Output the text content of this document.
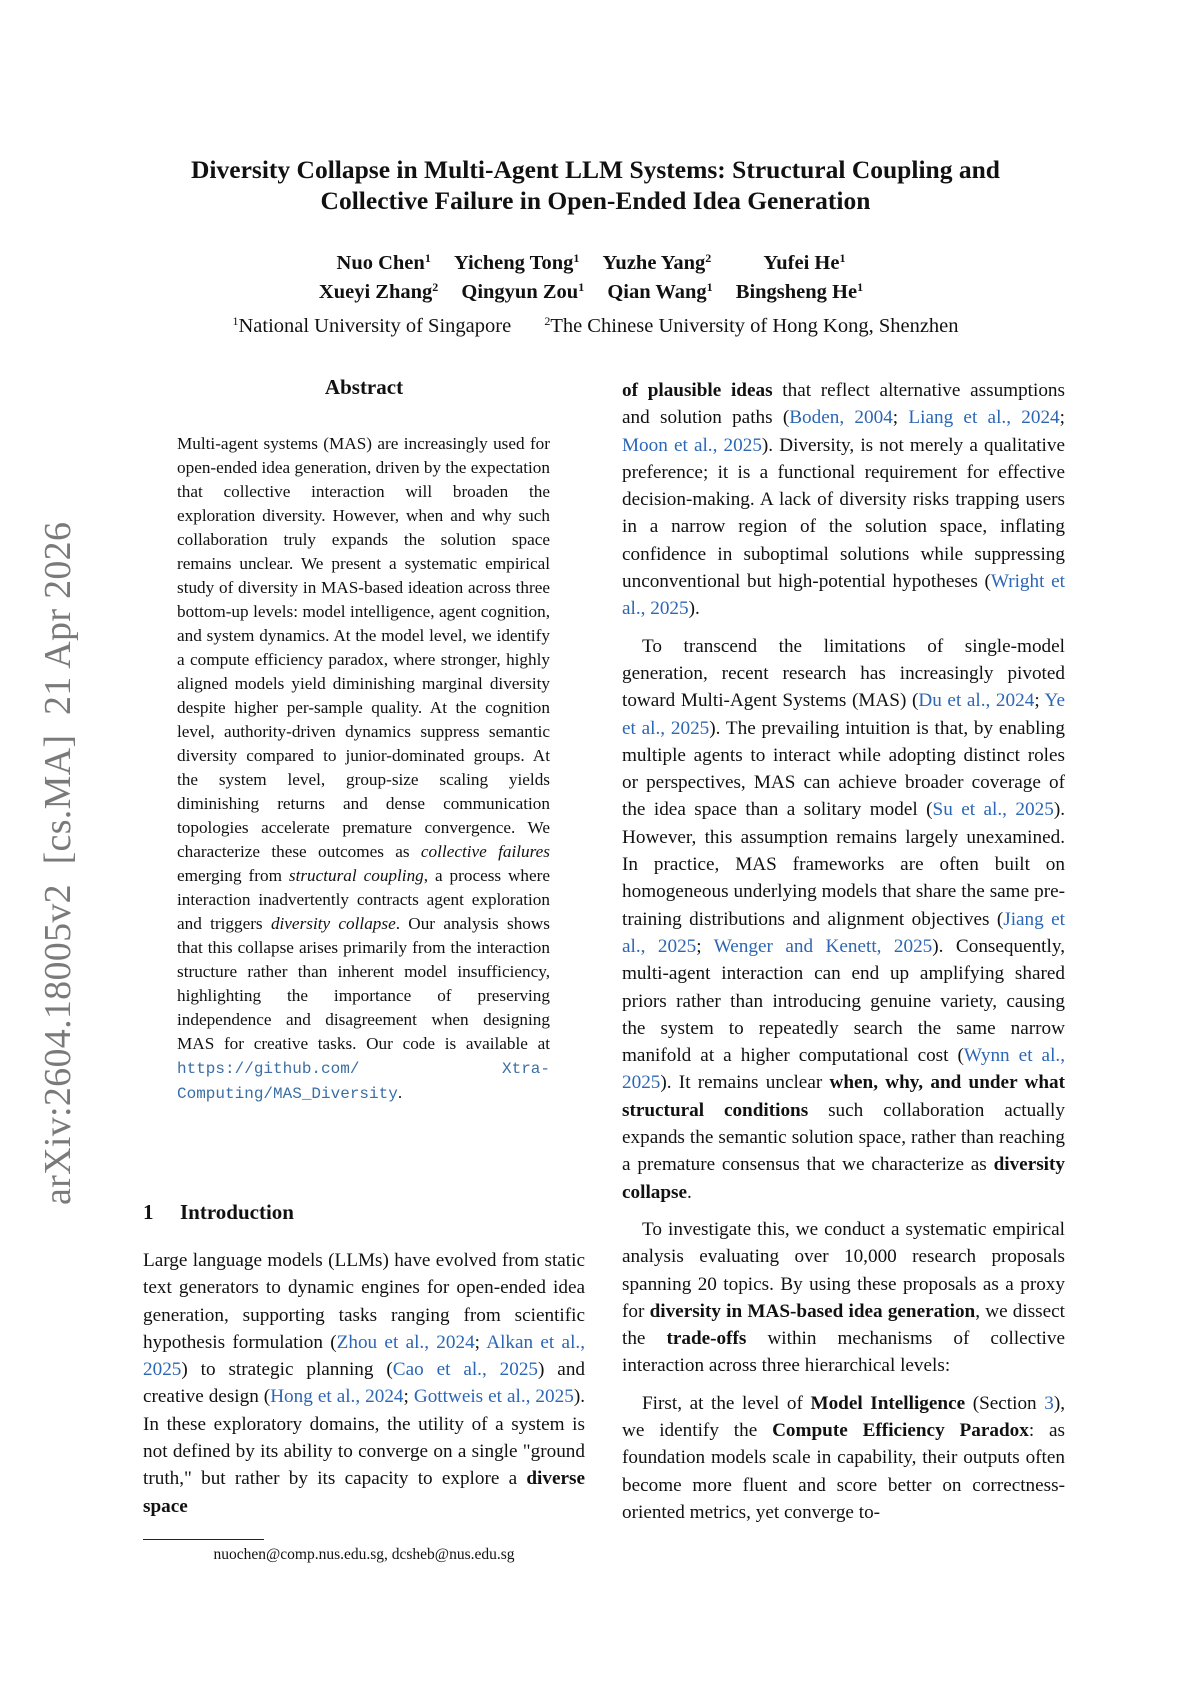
Diversity Collapse in Multi-Agent LLM Systems: Structural Coupling and
Collective Failure in Open-Ended Idea Generation
Nuo Chen$^1$ Yicheng Tong$^1$ Yuzhe Yang$^2$	Yufei He$^1$
Xueyi Zhang$^2$ Qingyun Zou$^1$ Qian Wang$^1$ Bingsheng He$^1$
$^1$National University of Singapore	$^2$The Chinese University of Hong Kong, Shenzhen
arXiv:2604.18005v2  [cs.MA]  21 Apr 2026
Abstract
Multi-agent systems (MAS) are increasingly used for open-ended idea generation, driven by the expectation that collective interaction will broaden the exploration diversity. However, when and why such collaboration truly expands the solution space remains unclear. We present a systematic empirical study of diversity in MAS-based ideation across three bottom-up levels: model intelligence, agent cognition, and system dynamics. At the model level, we identify a compute efficiency paradox, where stronger, highly aligned models yield diminishing marginal diversity despite higher per-sample quality. At the cognition level, authority-driven dynamics suppress semantic diversity compared to junior-dominated groups. At the system level, group-size scaling yields diminishing returns and dense communication topologies accelerate premature convergence. We characterize these outcomes as collective failures emerging from structural coupling, a process where interaction inadvertently contracts agent exploration and triggers diversity collapse. Our analysis shows that this collapse arises primarily from the interaction structure rather than inherent model insufficiency, highlighting the importance of preserving independence and disagreement when designing MAS for creative tasks. Our code is available at https://github.com/ Xtra-Computing/MAS_Diversity.
1 Introduction

Large language models (LLMs) have evolved from static text generators to dynamic engines for open-ended idea generation, supporting tasks ranging from scientific hypothesis formulation (Zhou et al., 2024; Alkan et al., 2025) to strategic planning (Cao et al., 2025) and creative design (Hong et al., 2024; Gottweis et al., 2025). In these exploratory domains, the utility of a system is not defined by its ability to converge on a single "ground truth," but rather by its capacity to explore a diverse space

of plausible ideas that reflect alternative assumptions and solution paths (Boden, 2004; Liang et al., 2024; Moon et al., 2025). Diversity, is not merely a qualitative preference; it is a functional requirement for effective decision-making. A lack of diversity risks trapping users in a narrow region of the solution space, inflating confidence in suboptimal solutions while suppressing unconventional but high-potential hypotheses (Wright et al., 2025).

To transcend the limitations of single-model generation, recent research has increasingly pivoted toward Multi-Agent Systems (MAS) (Du et al., 2024; Ye et al., 2025). The prevailing intuition is that, by enabling multiple agents to interact while adopting distinct roles or perspectives, MAS can achieve broader coverage of the idea space than a solitary model (Su et al., 2025). However, this assumption remains largely unexamined. In practice, MAS frameworks are often built on homogeneous underlying models that share the same pre-training distributions and alignment objectives (Jiang et al., 2025; Wenger and Kenett, 2025). Consequently, multi-agent interaction can end up amplifying shared priors rather than introducing genuine variety, causing the system to repeatedly search the same narrow manifold at a higher computational cost (Wynn et al., 2025). It remains unclear when, why, and under what structural conditions such collaboration actually expands the semantic solution space, rather than reaching a premature consensus that we characterize as diversity collapse.

To investigate this, we conduct a systematic empirical analysis evaluating over 10,000 research proposals spanning 20 topics. By using these proposals as a proxy for diversity in MAS-based idea generation, we dissect the trade-offs within mechanisms of collective interaction across three hierarchical levels:

First, at the level of Model Intelligence (Section 3), we identify the Compute Efficiency Paradox: as foundation models scale in capability, their outputs often become more fluent and score better on correctness-oriented metrics, yet converge to-

nuochen@comp.nus.edu.sg, dcsheb@nus.edu.sg
